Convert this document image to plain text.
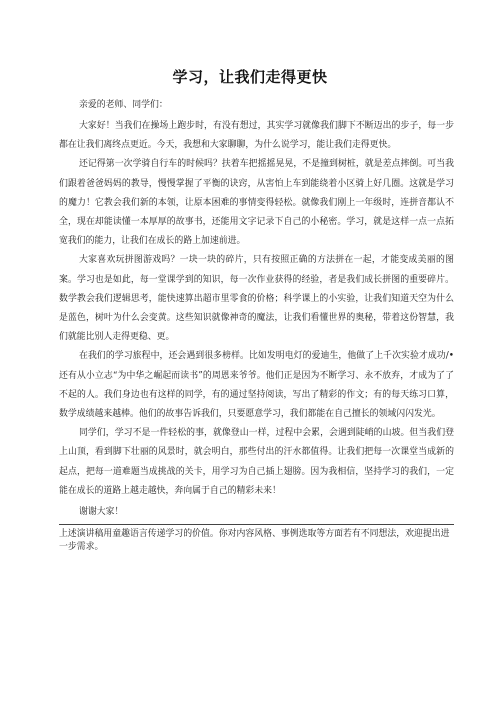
学习，让我们走得更快

亲爱的老师、同学们：

大家好！当我们在操场上跑步时，有没有想过，其实学习就像我们脚下不断迈出的步子，每一步都在让我们离终点更近。今天，我想和大家聊聊，为什么说学习，能让我们走得更快。

还记得第一次学骑自行车的时候吗？扶着车把摇摇晃晃，不是撞到树桩，就是差点摔倒。可当我们跟着爸爸妈妈的教导，慢慢掌握了平衡的诀窍，从害怕上车到能绕着小区骑上好几圈。这就是学习的魔力！它教会我们新的本领，让原本困难的事情变得轻松。就像我们刚上一年级时，连拼音都认不全，现在却能读懂一本厚厚的故事书，还能用文字记录下自己的小秘密。学习，就是这样一点一点拓宽我们的能力，让我们在成长的路上加速前进。

大家喜欢玩拼图游戏吗？一块一块的碎片，只有按照正确的方法拼在一起，才能变成美丽的图案。学习也是如此，每一堂课学到的知识，每一次作业获得的经验，者是我们成长拼图的重要碎片。数学教会我们逻辑思考，能快速算出超市里零食的价格；科学课上的小实验，让我们知道天空为什么是蓝色，树叶为什么会变黄。这些知识就像神奇的魔法，让我们看懂世界的奥秘，带着这份智慧，我们就能比别人走得更稳、更。

在我们的学习旅程中，还会遇到很多榜样。比如发明电灯的爱迪生，他做了上千次实验才成功/•还有从小立志“为中华之崛起而读书”的周恩来爷爷。他们正是因为不断学习、永不放弃，才成为了了不起的人。我们身边也有这样的同学，有的通过坚持阅读，写出了精彩的作文；有的每天练习口算，数学成绩越来越棒。他们的故事告诉我们，只要愿意学习，我们都能在自己擅长的领域闪闪发光。

同学们，学习不是一件轻松的事，就像登山一样，过程中会累，会遇到陡峭的山坡。但当我们登上山顶，看到脚下壮丽的风景时，就会明白，那些付出的汗水都值得。让我们把每一次课堂当成新的起点，把每一道难题当成挑战的关卡，用学习为自己插上翅膀。因为我相信，坚持学习的我们，一定能在成长的道路上越走越快，奔向属于自己的精彩未来！

谢谢大家！

上述演讲稿用童趣语言传递学习的价值。你对内容风格、事例选取等方面若有不同想法，欢迎提出进一步需求。
